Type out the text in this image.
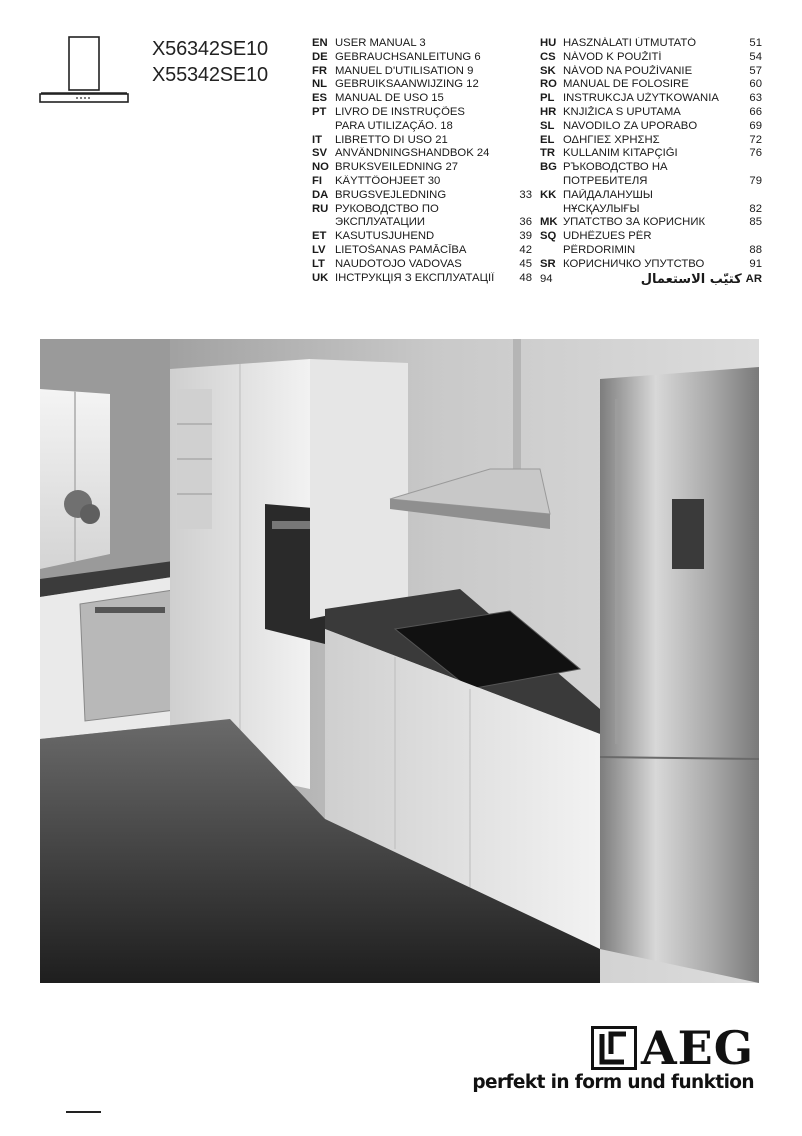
X56342SE10
X55342SE10
EN USER MANUAL 3
DE GEBRAUCHSANLEITUNG 6
FR MANUEL D'UTILISATION 9
NL GEBRUIKSAANWIJZING 12
ES MANUAL DE USO 15
PT LIVRO DE INSTRUÇÕES
PARA UTILIZAÇÃO. 18
IT	LIBRETTO DI USO 21
SV ANVÄNDNINGSHANDBOK 24
NO BRUKSVEILEDNING 27
FI	KÄYTTÖOHJEET 30
DA BRUGSVEJLEDNING	33
RU РУКОВОДСТВО ПО
ЭКСПЛУАТАЦИИ	36
ET KASUTUSJUHEND	39
LV LIETOŠANAS PAMĀCĪBA	42
LT NAUDOTOJO VADOVAS	45
UK ІНСТРУКЦІЯ З ЕКСПЛУАТАЦІЇ	48
HU HASZNÁLATI ÚTMUTATÓ	51
CS NÁVOD K POUŽITÍ	54
SK NÁVOD NA POUŽÍVANIE	57
RO MANUAL DE FOLOSIRE	60
PL INSTRUKCJA UŻYTKOWANIA	63
HR KNJIŽICA S UPUTAMA	66
SL NAVODILO ZA UPORABO	69
EL ΟΔΗΓΙΕΣ ΧΡΗΣΗΣ	72
TR KULLANIM KITAPÇIĞI	76
BG РЪКОВОДСТВО НА
ПОТРЕБИТЕЛЯ	79
KK ПАЙДАЛАНУШЫ
НҰСҚАУЛЫҒЫ	82
MK УПАТСТВО ЗА КОРИСНИК	85
SQ UDHËZUES PËR
PËRDORIMIN	88
SR КОРИСНИЧКО УПУТСТВО	91
94	كتيّب الاستعمال AR
AEG
perfekt in form und funktion
